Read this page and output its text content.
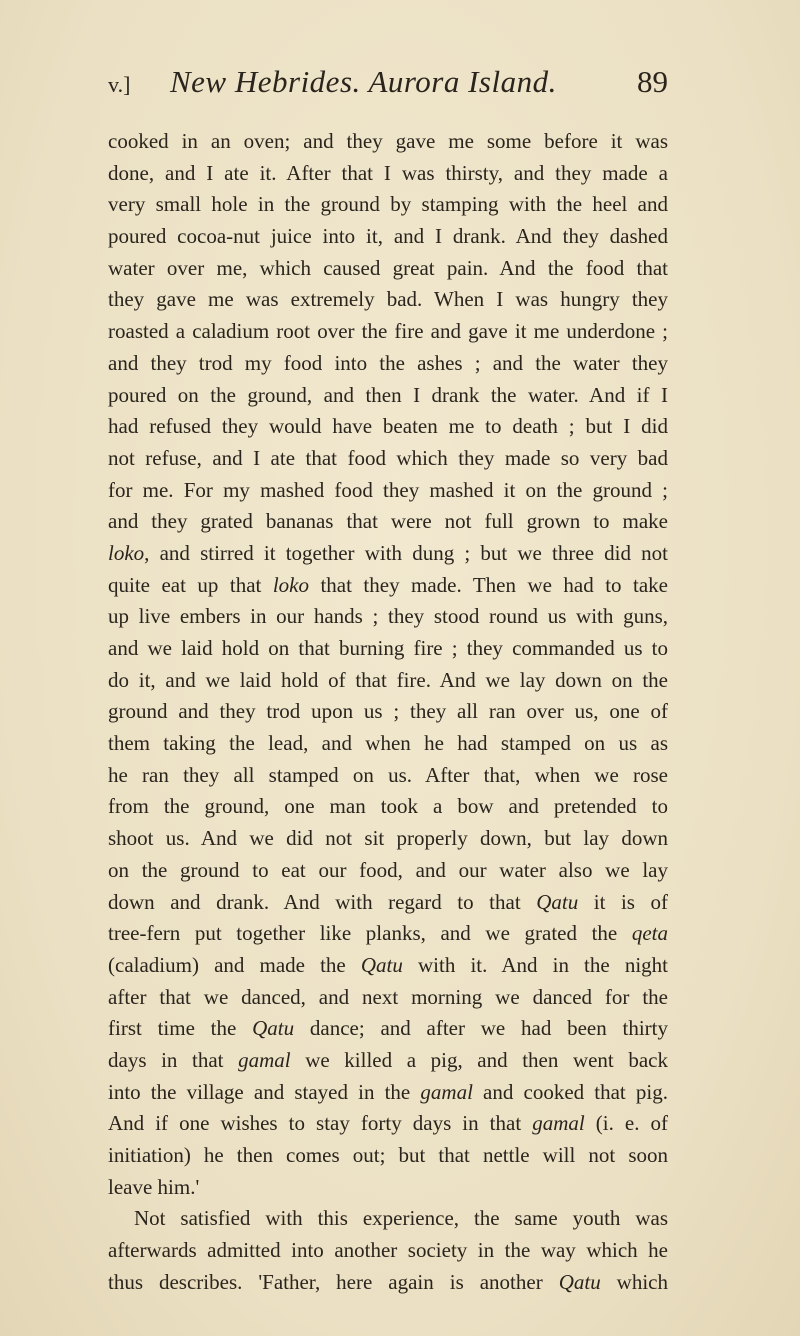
v.] New Hebrides. Aurora Island.	89
cooked in an oven; and they gave me some before it was
done, and I ate it. After that I was thirsty, and they made a
very small hole in the ground by stamping with the heel and
poured cocoa-nut juice into it, and I drank. And they dashed
water over me, which caused great pain. And the food that
they gave me was extremely bad. When I was hungry they
roasted a caladium root over the fire and gave it me underdone ;
and they trod my food into the ashes ; and the water they
poured on the ground, and then I drank the water. And if I
had refused they would have beaten me to death ; but I did
not refuse, and I ate that food which they made so very bad
for me. For my mashed food they mashed it on the ground ;
and they grated bananas that were not full grown to make
loko, and stirred it together with dung ; but we three did not
quite eat up that loko that they made. Then we had to take
up live embers in our hands ; they stood round us with guns,
and we laid hold on that burning fire ; they commanded us to
do it, and we laid hold of that fire. And we lay down on the
ground and they trod upon us ; they all ran over us, one of
them taking the lead, and when he had stamped on us as
he ran they all stamped on us. After that, when we rose
from the ground, one man took a bow and pretended to
shoot us. And we did not sit properly down, but lay down
on the ground to eat our food, and our water also we lay
down and drank. And with regard to that Qatu it is of
tree-fern put together like planks, and we grated the qeta
(caladium) and made the Qatu with it. And in the night
after that we danced, and next morning we danced for the
first time the Qatu dance; and after we had been thirty
days in that gamal we killed a pig, and then went back
into the village and stayed in the gamal and cooked that pig.
And if one wishes to stay forty days in that gamal (i. e. of
initiation) he then comes out; but that nettle will not soon
leave him.'
Not satisfied with this experience, the same youth was
afterwards admitted into another society in the way which he
thus describes. 'Father, here again is another Qatu which
